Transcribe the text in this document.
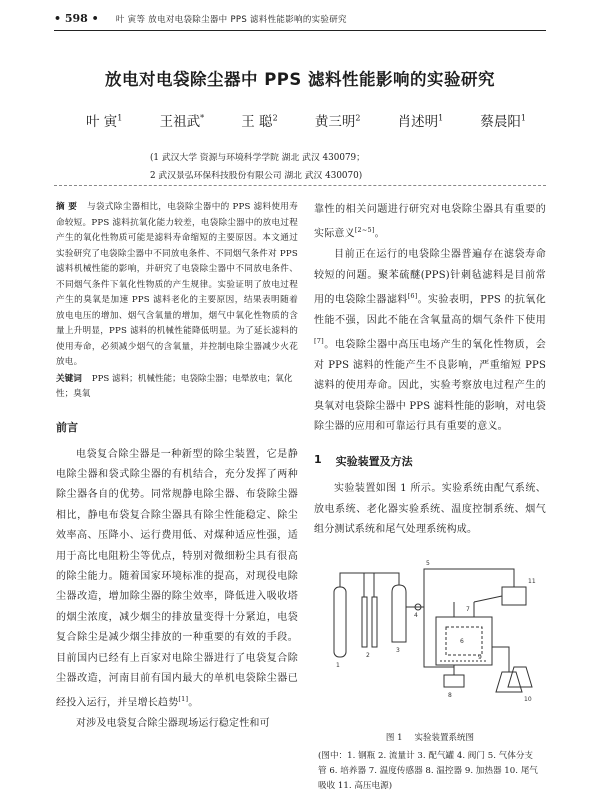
• 598 • 叶 寅等 放电对电袋除尘器中 PPS 滤料性能影响的实验研究
放电对电袋除尘器中 PPS 滤料性能影响的实验研究
叶 寅$^1$	王祖武*	王 聪$^2$	黄三明$^2$	肖述明$^1$	蔡晨阳$^1$
(1 武汉大学 资源与环境科学学院 湖北 武汉 430079；
2 武汉景弘环保科技股份有限公司 湖北 武汉 430070)
摘 要 与袋式除尘器相比，电袋除尘器中的 PPS 滤料使用寿命较短。PPS 滤料抗氧化能力较差，电袋除尘器中的放电过程产生的氧化性物质可能是滤料寿命缩短的主要原因。本文通过实验研究了电袋除尘器中不同放电条件、不同烟气条件对 PPS 滤料机械性能的影响，并研究了电袋除尘器中不同放电条件、不同烟气条件下氧化性物质的产生规律。实验证明了放电过程产生的臭氧是加速 PPS 滤料老化的主要原因，结果表明随着放电电压的增加、烟气含氧量的增加，烟气中氧化性物质的含量上升明显，PPS 滤料的机械性能降低明显。为了延长滤料的使用寿命，必须减少烟气的含氧量，并控制电除尘器减少火花放电。
关键词 PPS 滤料；机械性能；电袋除尘器；电晕放电；氧化性；臭氧
前言

电袋复合除尘器是一种新型的除尘装置，它是静电除尘器和袋式除尘器的有机结合，充分发挥了两种除尘器各自的优势。同常规静电除尘器、布袋除尘器相比，静电布袋复合除尘器具有除尘性能稳定、除尘效率高、压降小、运行费用低、对煤种适应性强，适用于高比电阻粉尘等优点，特别对微细粉尘具有很高的除尘能力。随着国家环境标准的提高，对现役电除尘器改造，增加除尘器的除尘效率，降低进入吸收塔的烟尘浓度，减少烟尘的排放量变得十分紧迫，电袋复合除尘是减少烟尘排放的一种重要的有效的手段。目前国内已经有上百家对电除尘器进行了电袋复合除尘器改造，河南目前有国内最大的单机电袋除尘器已经投入运行，并呈增长趋势[1]。

对涉及电袋复合除尘器现场运行稳定性和可

靠性的相关问题进行研究对电袋除尘器具有重要的实际意义[2~5]。

目前正在运行的电袋除尘器普遍存在滤袋寿命较短的问题。聚苯硫醚(PPS)针刺毡滤料是目前常用的电袋除尘器滤料[6]。实验表明，PPS 的抗氧化性能不强，因此不能在含氧量高的烟气条件下使用[7]。电袋除尘器中高压电场产生的氧化性物质，会对 PPS 滤料的性能产生不良影响，严重缩短 PPS 滤料的使用寿命。因此，实验考察放电过程产生的臭氧对电袋除尘器中 PPS 滤料性能的影响，对电袋除尘器的应用和可靠运行具有重要的意义。

1 实验装置及方法

实验装置如图 1 所示。实验系统由配气系统、放电系统、老化器实验系统、温度控制系统、烟气组分测试系统和尾气处理系统构成。

1
2
3
4
5
6
7
8
9
10
11
图 1 实验装置系统图
(图中：1. 钢瓶 2. 流量计 3. 配气罐 4. 阀门 5. 气体分支管 6. 培养器 7. 温度传感器 8. 温控器 9. 加热器 10. 尾气吸收 11. 高压电源)
